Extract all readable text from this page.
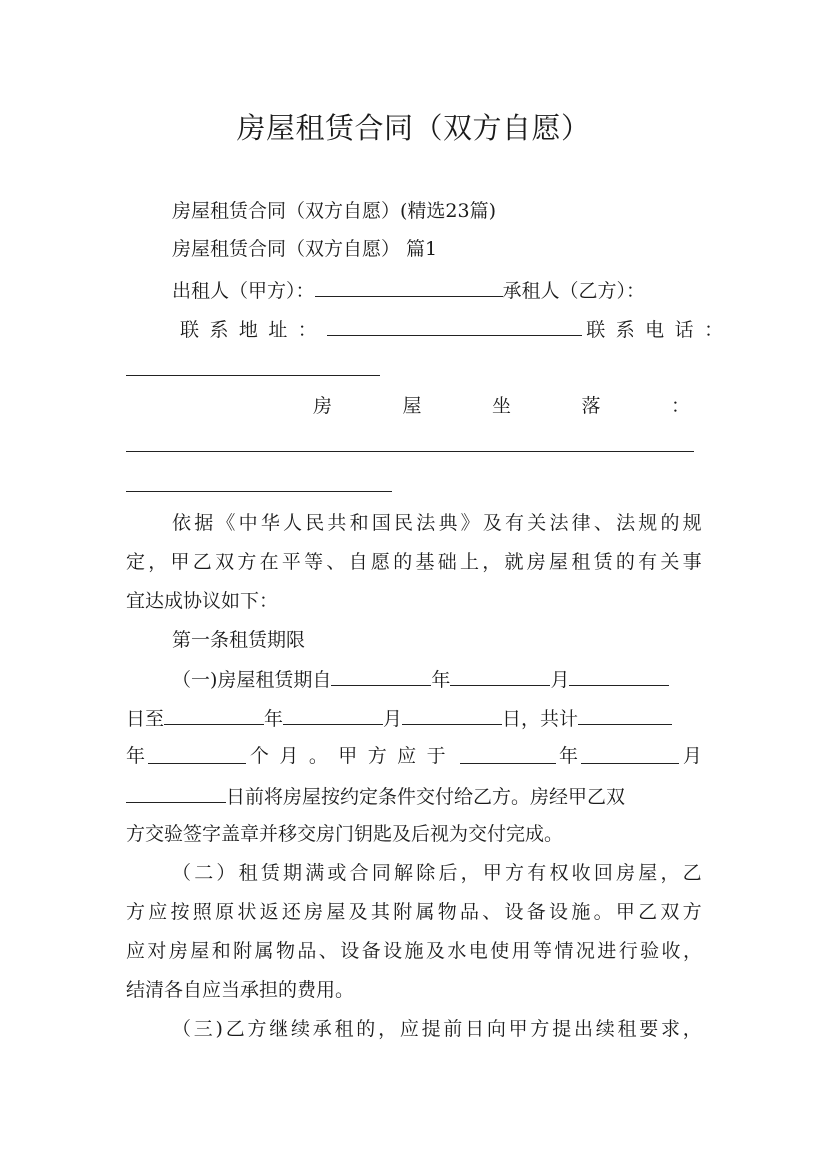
房屋租赁合同（双方自愿）
房屋租赁合同（双方自愿）(精选23篇)
房屋租赁合同（双方自愿） 篇1
出租人（甲方）：	承租人（乙方）：
联系地址：	联系电话：
房	屋	坐	落	：
依 据 《 中 华 人 民 共 和 国 民 法 典 》 及 有 关 法 律 、 法 规 的 规
定 ， 甲 乙 双 方 在 平 等 、 自 愿 的 基 础 上 ， 就 房 屋 租 赁 的 有 关 事
宜达成协议如下：
第一条租赁期限
（一)房屋租赁期自	年	月
日至	年	月	日，共计
年	个月。甲方应于	年	月
日前将房屋按约定条件交付给乙方。房经甲乙双
方交验签字盖章并移交房门钥匙及后视为交付完成。
（ 二 ） 租 赁 期 满 或 合 同 解 除 后 ， 甲 方 有 权 收 回 房 屋 ， 乙
方 应 按 照 原 状 返 还 房 屋 及 其 附 属 物 品 、 设 备 设 施 。 甲 乙 双 方
应 对 房 屋 和 附 属 物 品 、 设 备 设 施 及 水 电 使 用 等 情 况 进 行 验 收 ，
结清各自应当承担的费用。
（ 三 ) 乙 方 继 续 承 租 的 ， 应 提 前 日 向 甲 方 提 出 续 租 要 求 ，
